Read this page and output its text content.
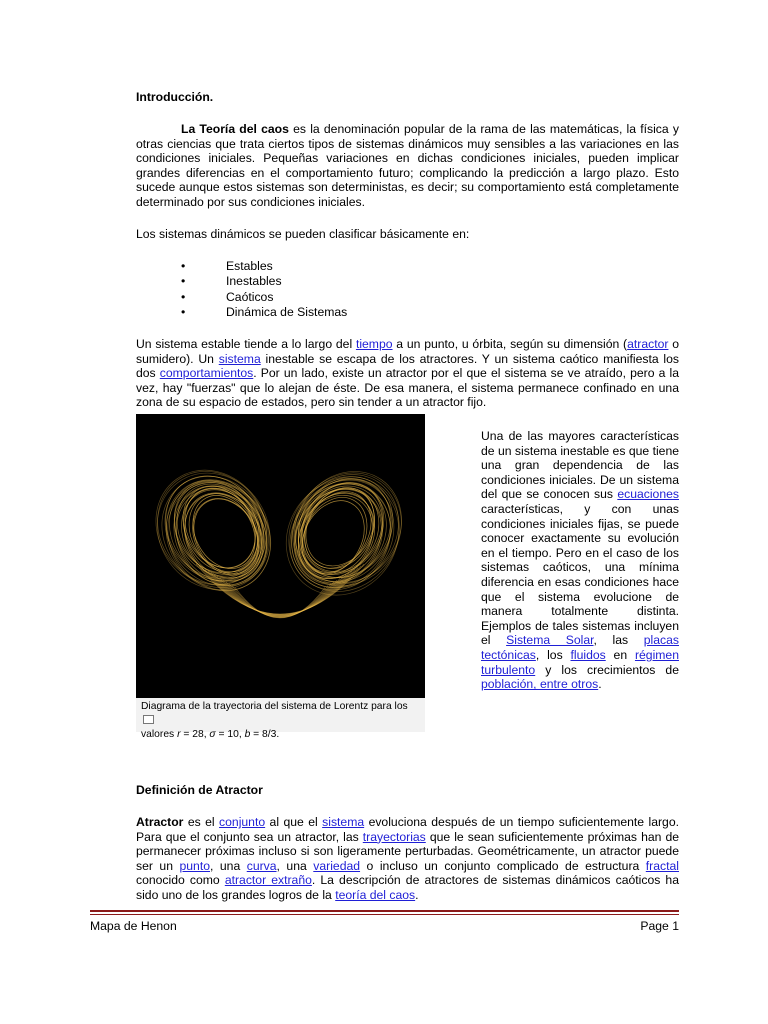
Introducción.

La Teoría del caos es la denominación popular de la rama de las matemáticas, la física y otras ciencias que trata ciertos tipos de sistemas dinámicos muy sensibles a las variaciones en las condiciones iniciales. Pequeñas variaciones en dichas condiciones iniciales, pueden implicar grandes diferencias en el comportamiento futuro; complicando la predicción a largo plazo. Esto sucede aunque estos sistemas son deterministas, es decir; su comportamiento está completamente determinado por sus condiciones iniciales.

Los sistemas dinámicos se pueden clasificar básicamente en:

•	Estables
•	Inestables
•	Caóticos
•	Dinámica de Sistemas

Un sistema estable tiende a lo largo del tiempo a un punto, u órbita, según su dimensión (atractor o sumidero). Un sistema inestable se escapa de los atractores. Y un sistema caótico manifiesta los dos comportamientos. Por un lado, existe un atractor por el que el sistema se ve atraído, pero a la vez, hay "fuerzas" que lo alejan de éste. De esa manera, el sistema permanece confinado en una zona de su espacio de estados, pero sin tender a un atractor fijo.

Diagrama de la trayectoria del sistema de Lorentz para los
valores r = 28, σ = 10, b = 8/3.

Una de las mayores características de un sistema inestable es que tiene una gran dependencia de las condiciones iniciales. De un sistema del que se conocen sus ecuaciones características, y con unas condiciones iniciales fijas, se puede conocer exactamente su evolución en el tiempo. Pero en el caso de los sistemas caóticos, una mínima diferencia en esas condiciones hace que el sistema evolucione de manera totalmente distinta. Ejemplos de tales sistemas incluyen el Sistema Solar, las placas tectónicas, los fluidos en régimen turbulento y los crecimientos de población, entre otros.

Definición de Atractor

Atractor es el conjunto al que el sistema evoluciona después de un tiempo suficientemente largo. Para que el conjunto sea un atractor, las trayectorias que le sean suficientemente próximas han de permanecer próximas incluso si son ligeramente perturbadas. Geométricamente, un atractor puede ser un punto, una curva, una variedad o incluso un conjunto complicado de estructura fractal conocido como atractor extraño. La descripción de atractores de sistemas dinámicos caóticos ha sido uno de los grandes logros de la teoría del caos.

Mapa de Henon	Page 1
